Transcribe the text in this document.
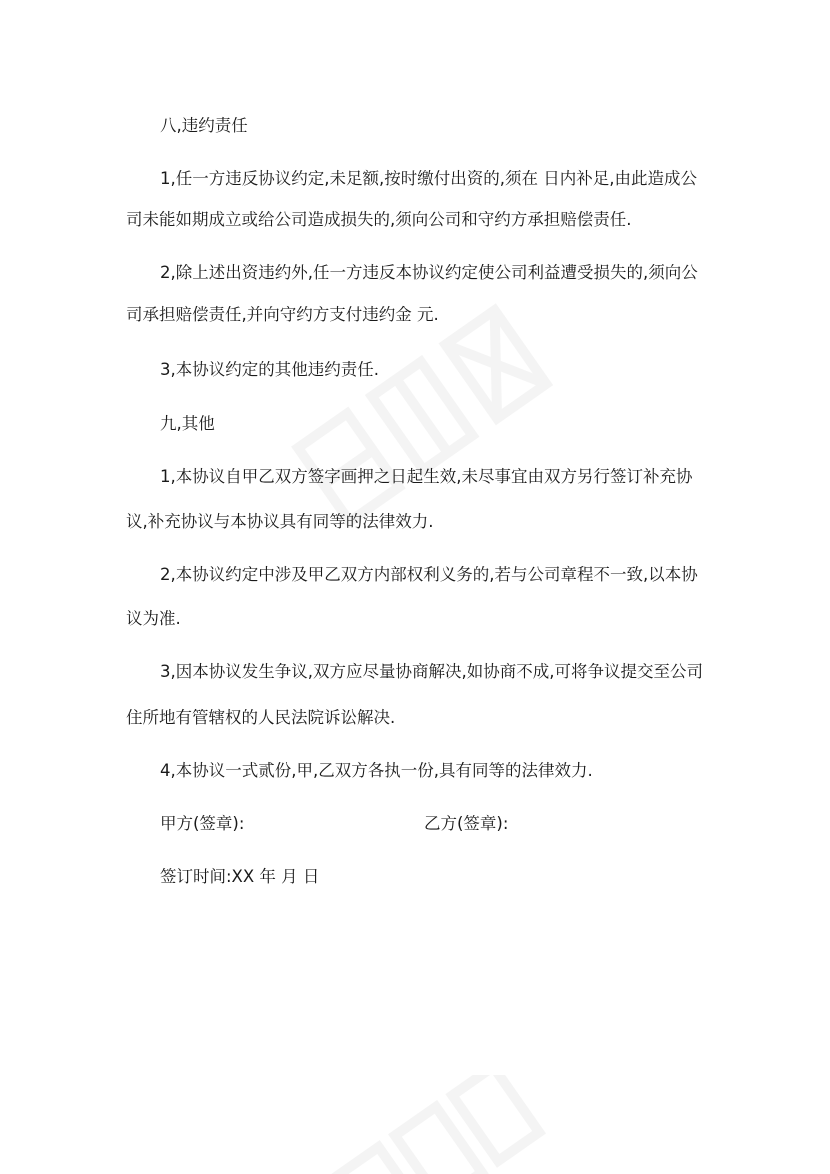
八,违约责任
1,任一方违反协议约定,未足额,按时缴付出资的,须在 日内补足,由此造成公
司未能如期成立或给公司造成损失的,须向公司和守约方承担赔偿责任.
2,除上述出资违约外,任一方违反本协议约定使公司利益遭受损失的,须向公
司承担赔偿责任,并向守约方支付违约金 元.
3,本协议约定的其他违约责任.
九,其他
1,本协议自甲乙双方签字画押之日起生效,未尽事宜由双方另行签订补充协
议,补充协议与本协议具有同等的法律效力.
2,本协议约定中涉及甲乙双方内部权利义务的,若与公司章程不一致,以本协
议为准.
3,因本协议发生争议,双方应尽量协商解决,如协商不成,可将争议提交至公司
住所地有管辖权的人民法院诉讼解决.
4,本协议一式贰份,甲,乙双方各执一份,具有同等的法律效力.
甲方(签章):	乙方(签章):
签订时间:XX 年 月 日
